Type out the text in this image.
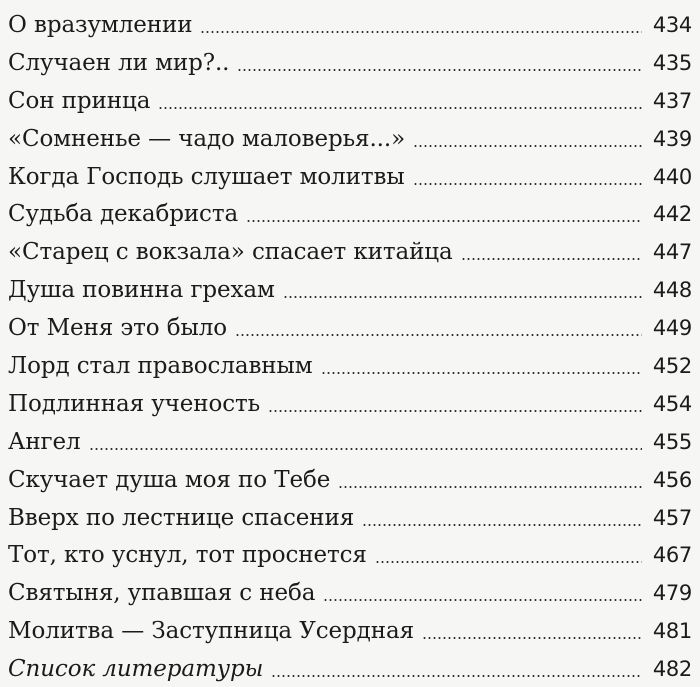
О вразумлении	434
Случаен ли мир?..	435
Сон принца	437
«Сомненье — чадо маловерья...»	439
Когда Господь слушает молитвы	440
Судьба декабриста	442
«Старец с вокзала» спасает китайца	447
Душа повинна грехам	448
От Меня это было	449
Лорд стал православным	452
Подлинная ученость	454
Ангел	455
Скучает душа моя по Тебе	456
Вверх по лестнице спасения	457
Тот, кто уснул, тот проснется	467
Святыня, упавшая с неба	479
Молитва — Заступница Усердная	481
Список литературы	482
